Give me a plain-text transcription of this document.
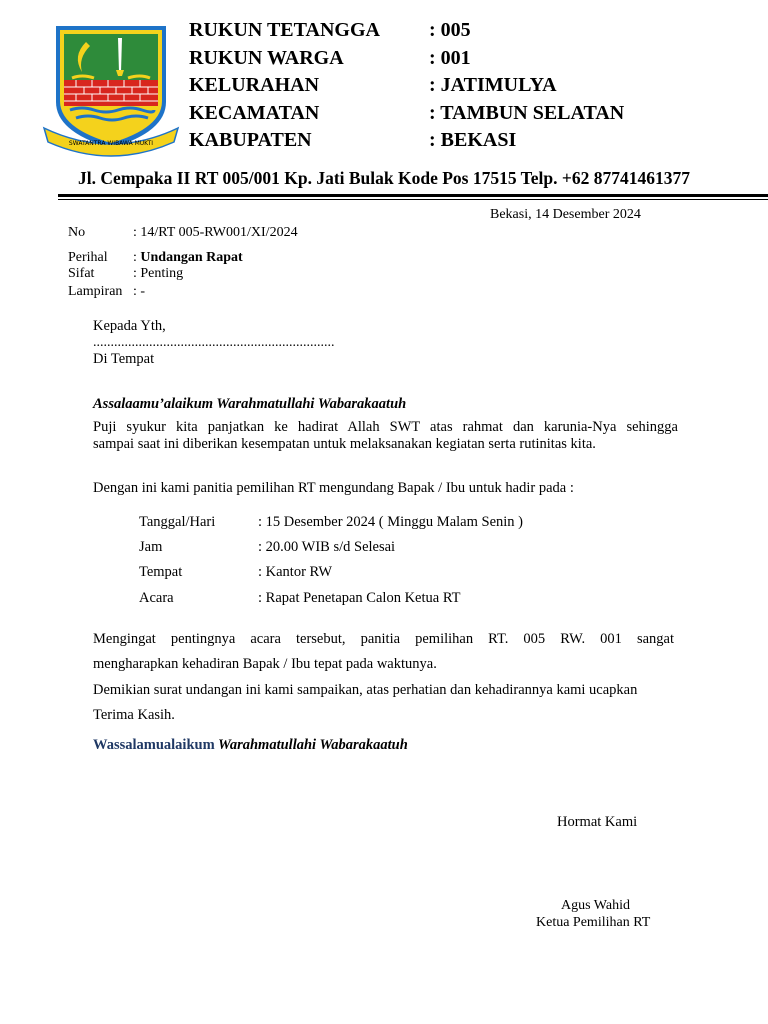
SWATANTRA WIBAWA MUKTI
RUKUN TETANGGA : 005
RUKUN WARGA	: 001
KELURAHAN	: JATIMULYA
KECAMATAN	: TAMBUN SELATAN
KABUPATEN	: BEKASI
Jl. Cempaka II RT 005/001 Kp. Jati Bulak Kode Pos 17515 Telp. +62 87741461377
Bekasi, 14 Desember 2024
No	: 14/RT 005-RW001/XI/2024
Perihal : Undangan Rapat
Sifat	: Penting
Lampiran : -
Kepada Yth,
.....................................................................
Di Tempat
Assalaamu’alaikum Warahmatullahi Wabarakaatuh
Puji syukur kita panjatkan ke hadirat Allah SWT atas rahmat dan karunia-Nya sehingga
sampai saat ini diberikan kesempatan untuk melaksanakan kegiatan serta rutinitas kita.
Dengan ini kami panitia pemilihan RT mengundang Bapak / Ibu untuk hadir pada :
Tanggal/Hari	: 15 Desember 2024 ( Minggu Malam Senin )
Jam	: 20.00 WIB s/d Selesai
Tempat	: Kantor RW
Acara	: Rapat Penetapan Calon Ketua RT
Mengingat pentingnya acara tersebut, panitia pemilihan RT. 005 RW. 001 sangat
mengharapkan kehadiran Bapak / Ibu tepat pada waktunya.
Demikian surat undangan ini kami sampaikan, atas perhatian dan kehadirannya kami ucapkan
Terima Kasih.
Wassalamualaikum Warahmatullahi Wabarakaatuh
Hormat Kami
Agus Wahid
Ketua Pemilihan RT
